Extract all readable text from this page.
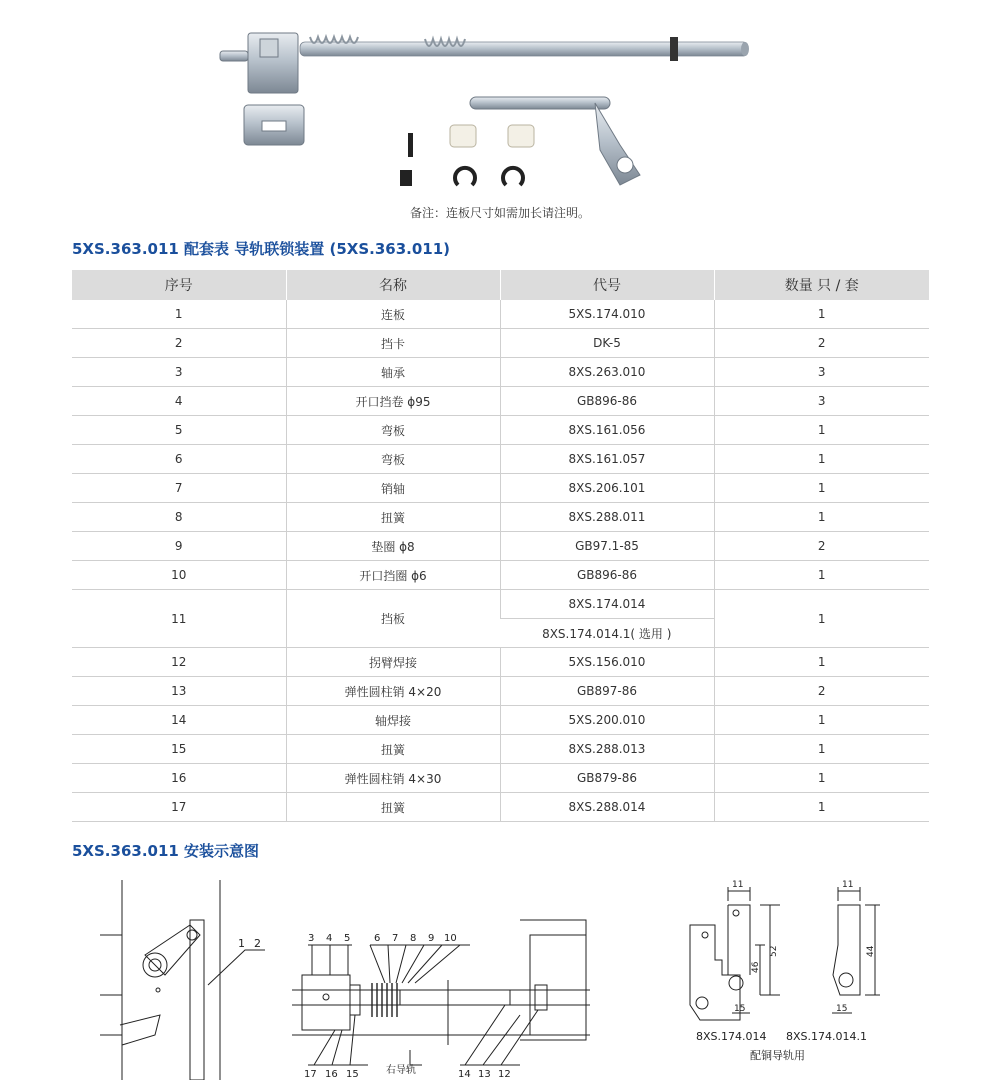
备注：连板尺寸如需加长请注明。
5XS.363.011 配套表 导轨联锁装置 (5XS.363.011)
序号	名称	代号	数量 只 / 套
1	连板	5XS.174.010	1
2	挡卡	DK-5	2
3	轴承	8XS.263.010	3
4	开口挡卷 ϕ95	GB896-86	3
5	弯板	8XS.161.056	1
6	弯板	8XS.161.057	1
7	销轴	8XS.206.101	1
8	扭簧	8XS.288.011	1
9	垫圈 ϕ8	GB97.1-85	2
10	开口挡圈 ϕ6	GB896-86	1
11	挡板	8XS.174.014	1
		8XS.174.014.1( 选用 )	
12	拐臂焊接	5XS.156.010	1
13	弹性圆柱销 4×20	GB897-86	2
14	轴焊接	5XS.200.010	1
15	扭簧	8XS.288.013	1
16	弹性圆柱销 4×30	GB879-86	1
17	扭簧	8XS.288.014	1
5XS.363.011 安装示意图
1 2	3 4 5 6 7 8 9 10
17 16 15	右导轨	14 13 12
11
15
46
52
11
15
44
8XS.174.014 8XS.174.014.1
配铜导轨用
